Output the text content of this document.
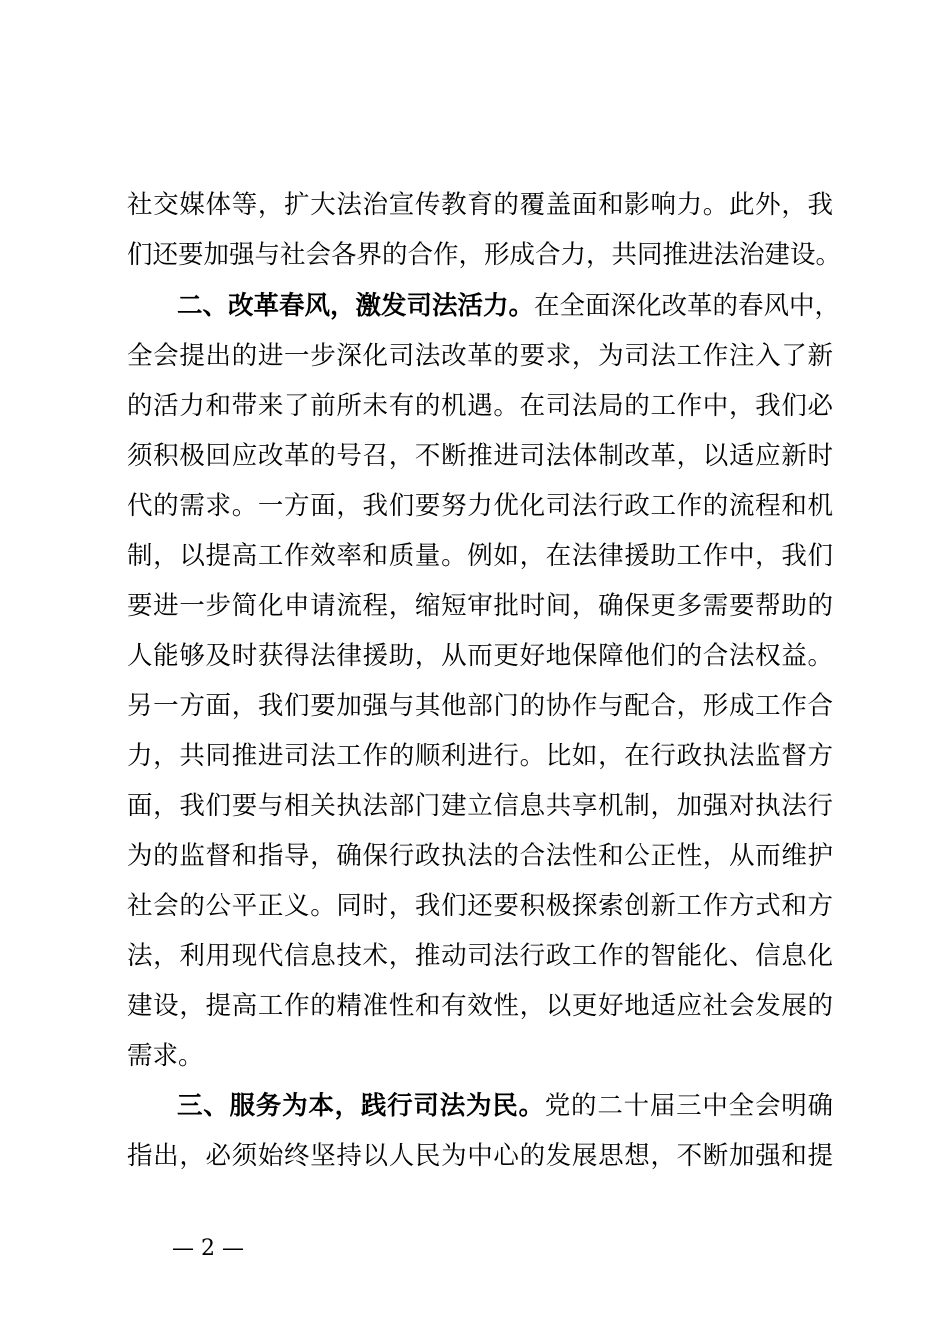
社交媒体等，扩大法治宣传教育的覆盖面和影响力。此外，我
们还要加强与社会各界的合作，形成合力，共同推进法治建设。
二、改革春风，激发司法活力。在全面深化改革的春风中，
全会提出的进一步深化司法改革的要求，为司法工作注入了新
的活力和带来了前所未有的机遇。在司法局的工作中，我们必
须积极回应改革的号召，不断推进司法体制改革，以适应新时
代的需求。一方面，我们要努力优化司法行政工作的流程和机
制，以提高工作效率和质量。例如，在法律援助工作中，我们
要进一步简化申请流程，缩短审批时间，确保更多需要帮助的
人能够及时获得法律援助，从而更好地保障他们的合法权益。
另一方面，我们要加强与其他部门的协作与配合，形成工作合
力，共同推进司法工作的顺利进行。比如，在行政执法监督方
面，我们要与相关执法部门建立信息共享机制，加强对执法行
为的监督和指导，确保行政执法的合法性和公正性，从而维护
社会的公平正义。同时，我们还要积极探索创新工作方式和方
法，利用现代信息技术，推动司法行政工作的智能化、信息化
建设，提高工作的精准性和有效性，以更好地适应社会发展的
需求。
三、服务为本，践行司法为民。党的二十届三中全会明确
指出，必须始终坚持以人民为中心的发展思想，不断加强和提
— 2 —
